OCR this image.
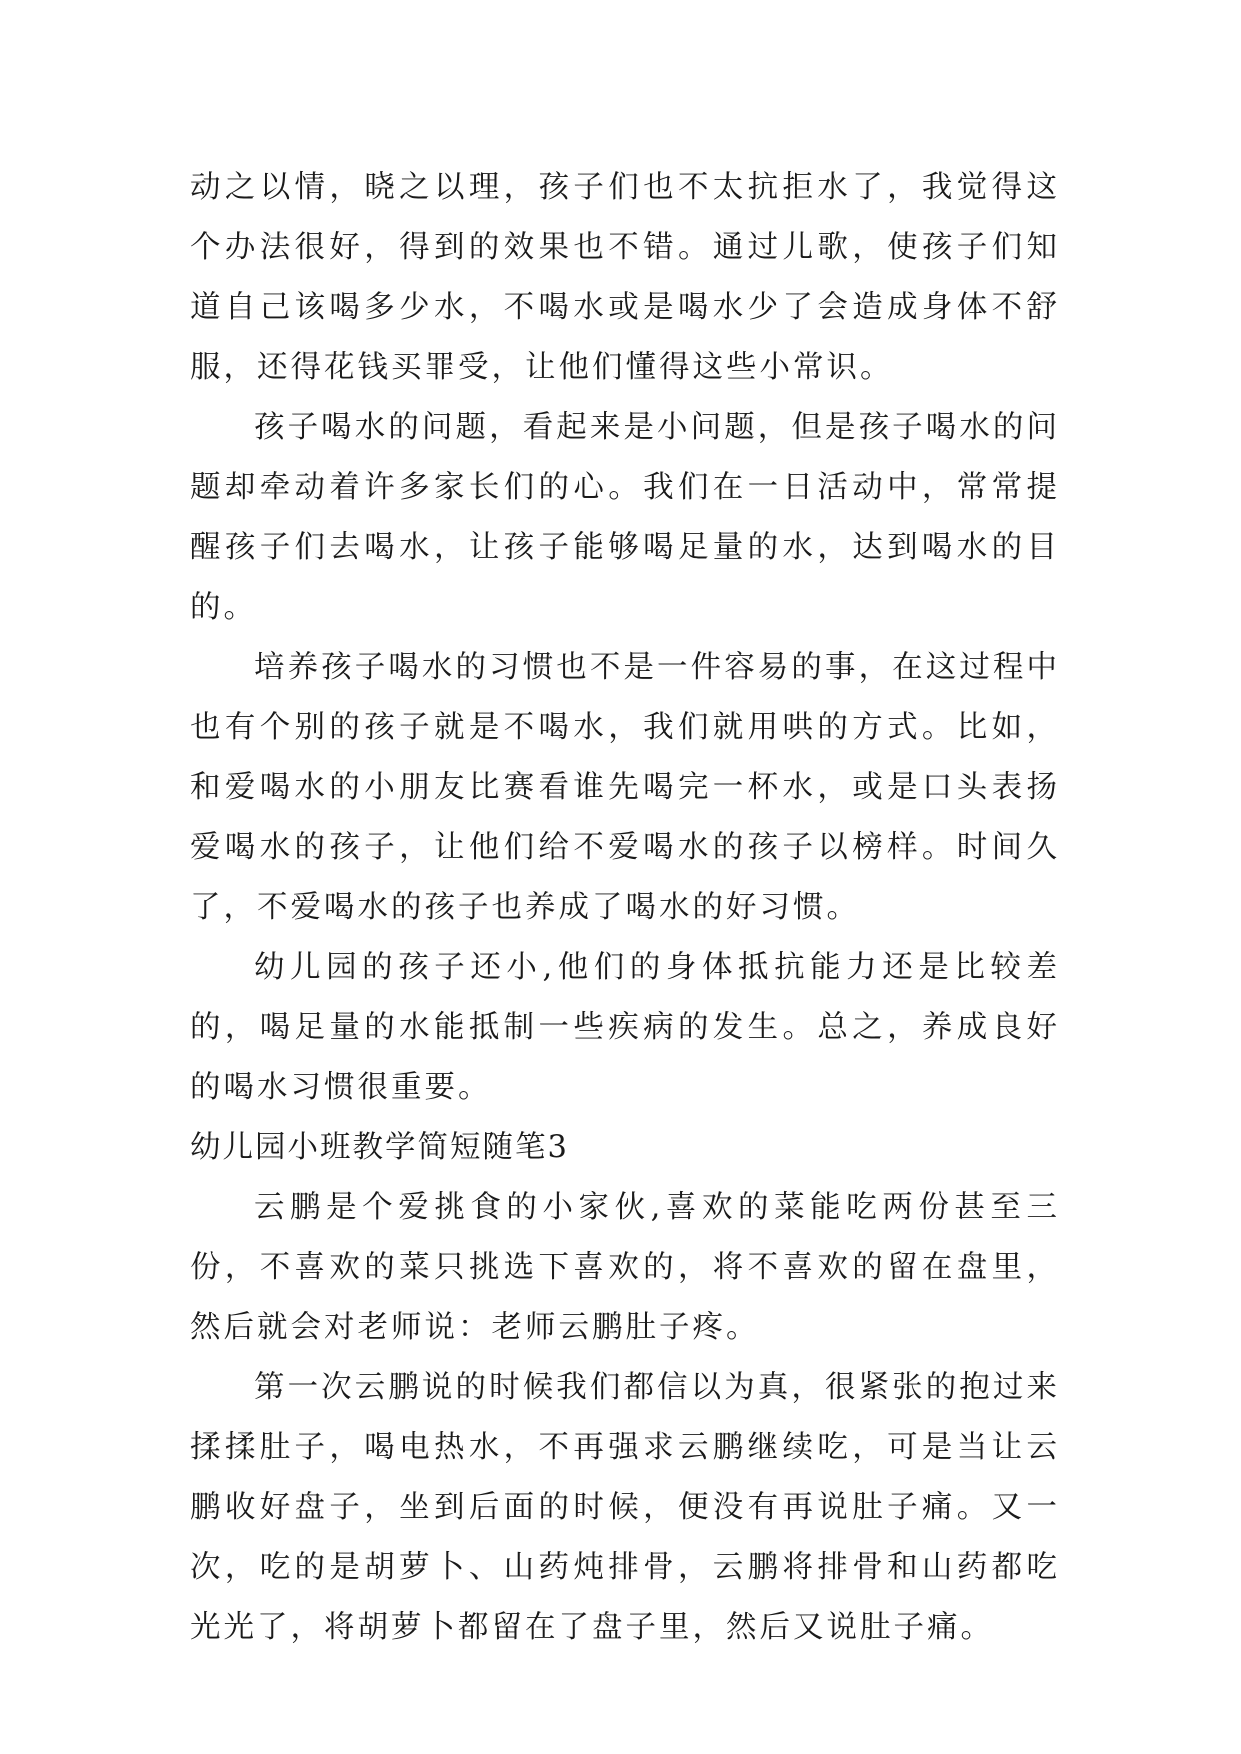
动之以情，晓之以理，孩子们也不太抗拒水了，我觉得这个办法很好，得到的效果也不错。通过儿歌，使孩子们知道自己该喝多少水，不喝水或是喝水少了会造成身体不舒服，还得花钱买罪受，让他们懂得这些小常识。

孩子喝水的问题，看起来是小问题，但是孩子喝水的问题却牵动着许多家长们的心。我们在一日活动中，常常提醒孩子们去喝水，让孩子能够喝足量的水，达到喝水的目的。

培养孩子喝水的习惯也不是一件容易的事，在这过程中也有个别的孩子就是不喝水，我们就用哄的方式。比如，和爱喝水的小朋友比赛看谁先喝完一杯水，或是口头表扬爱喝水的孩子，让他们给不爱喝水的孩子以榜样。时间久了，不爱喝水的孩子也养成了喝水的好习惯。

幼儿园的孩子还小,他们的身体抵抗能力还是比较差的，喝足量的水能抵制一些疾病的发生。总之，养成良好的喝水习惯很重要。

幼儿园小班教学简短随笔3

云鹏是个爱挑食的小家伙,喜欢的菜能吃两份甚至三份，不喜欢的菜只挑选下喜欢的，将不喜欢的留在盘里，然后就会对老师说：老师云鹏肚子疼。

第一次云鹏说的时候我们都信以为真，很紧张的抱过来揉揉肚子，喝电热水，不再强求云鹏继续吃，可是当让云鹏收好盘子，坐到后面的时候，便没有再说肚子痛。又一次，吃的是胡萝卜、山药炖排骨，云鹏将排骨和山药都吃光光了，将胡萝卜都留在了盘子里，然后又说肚子痛。
